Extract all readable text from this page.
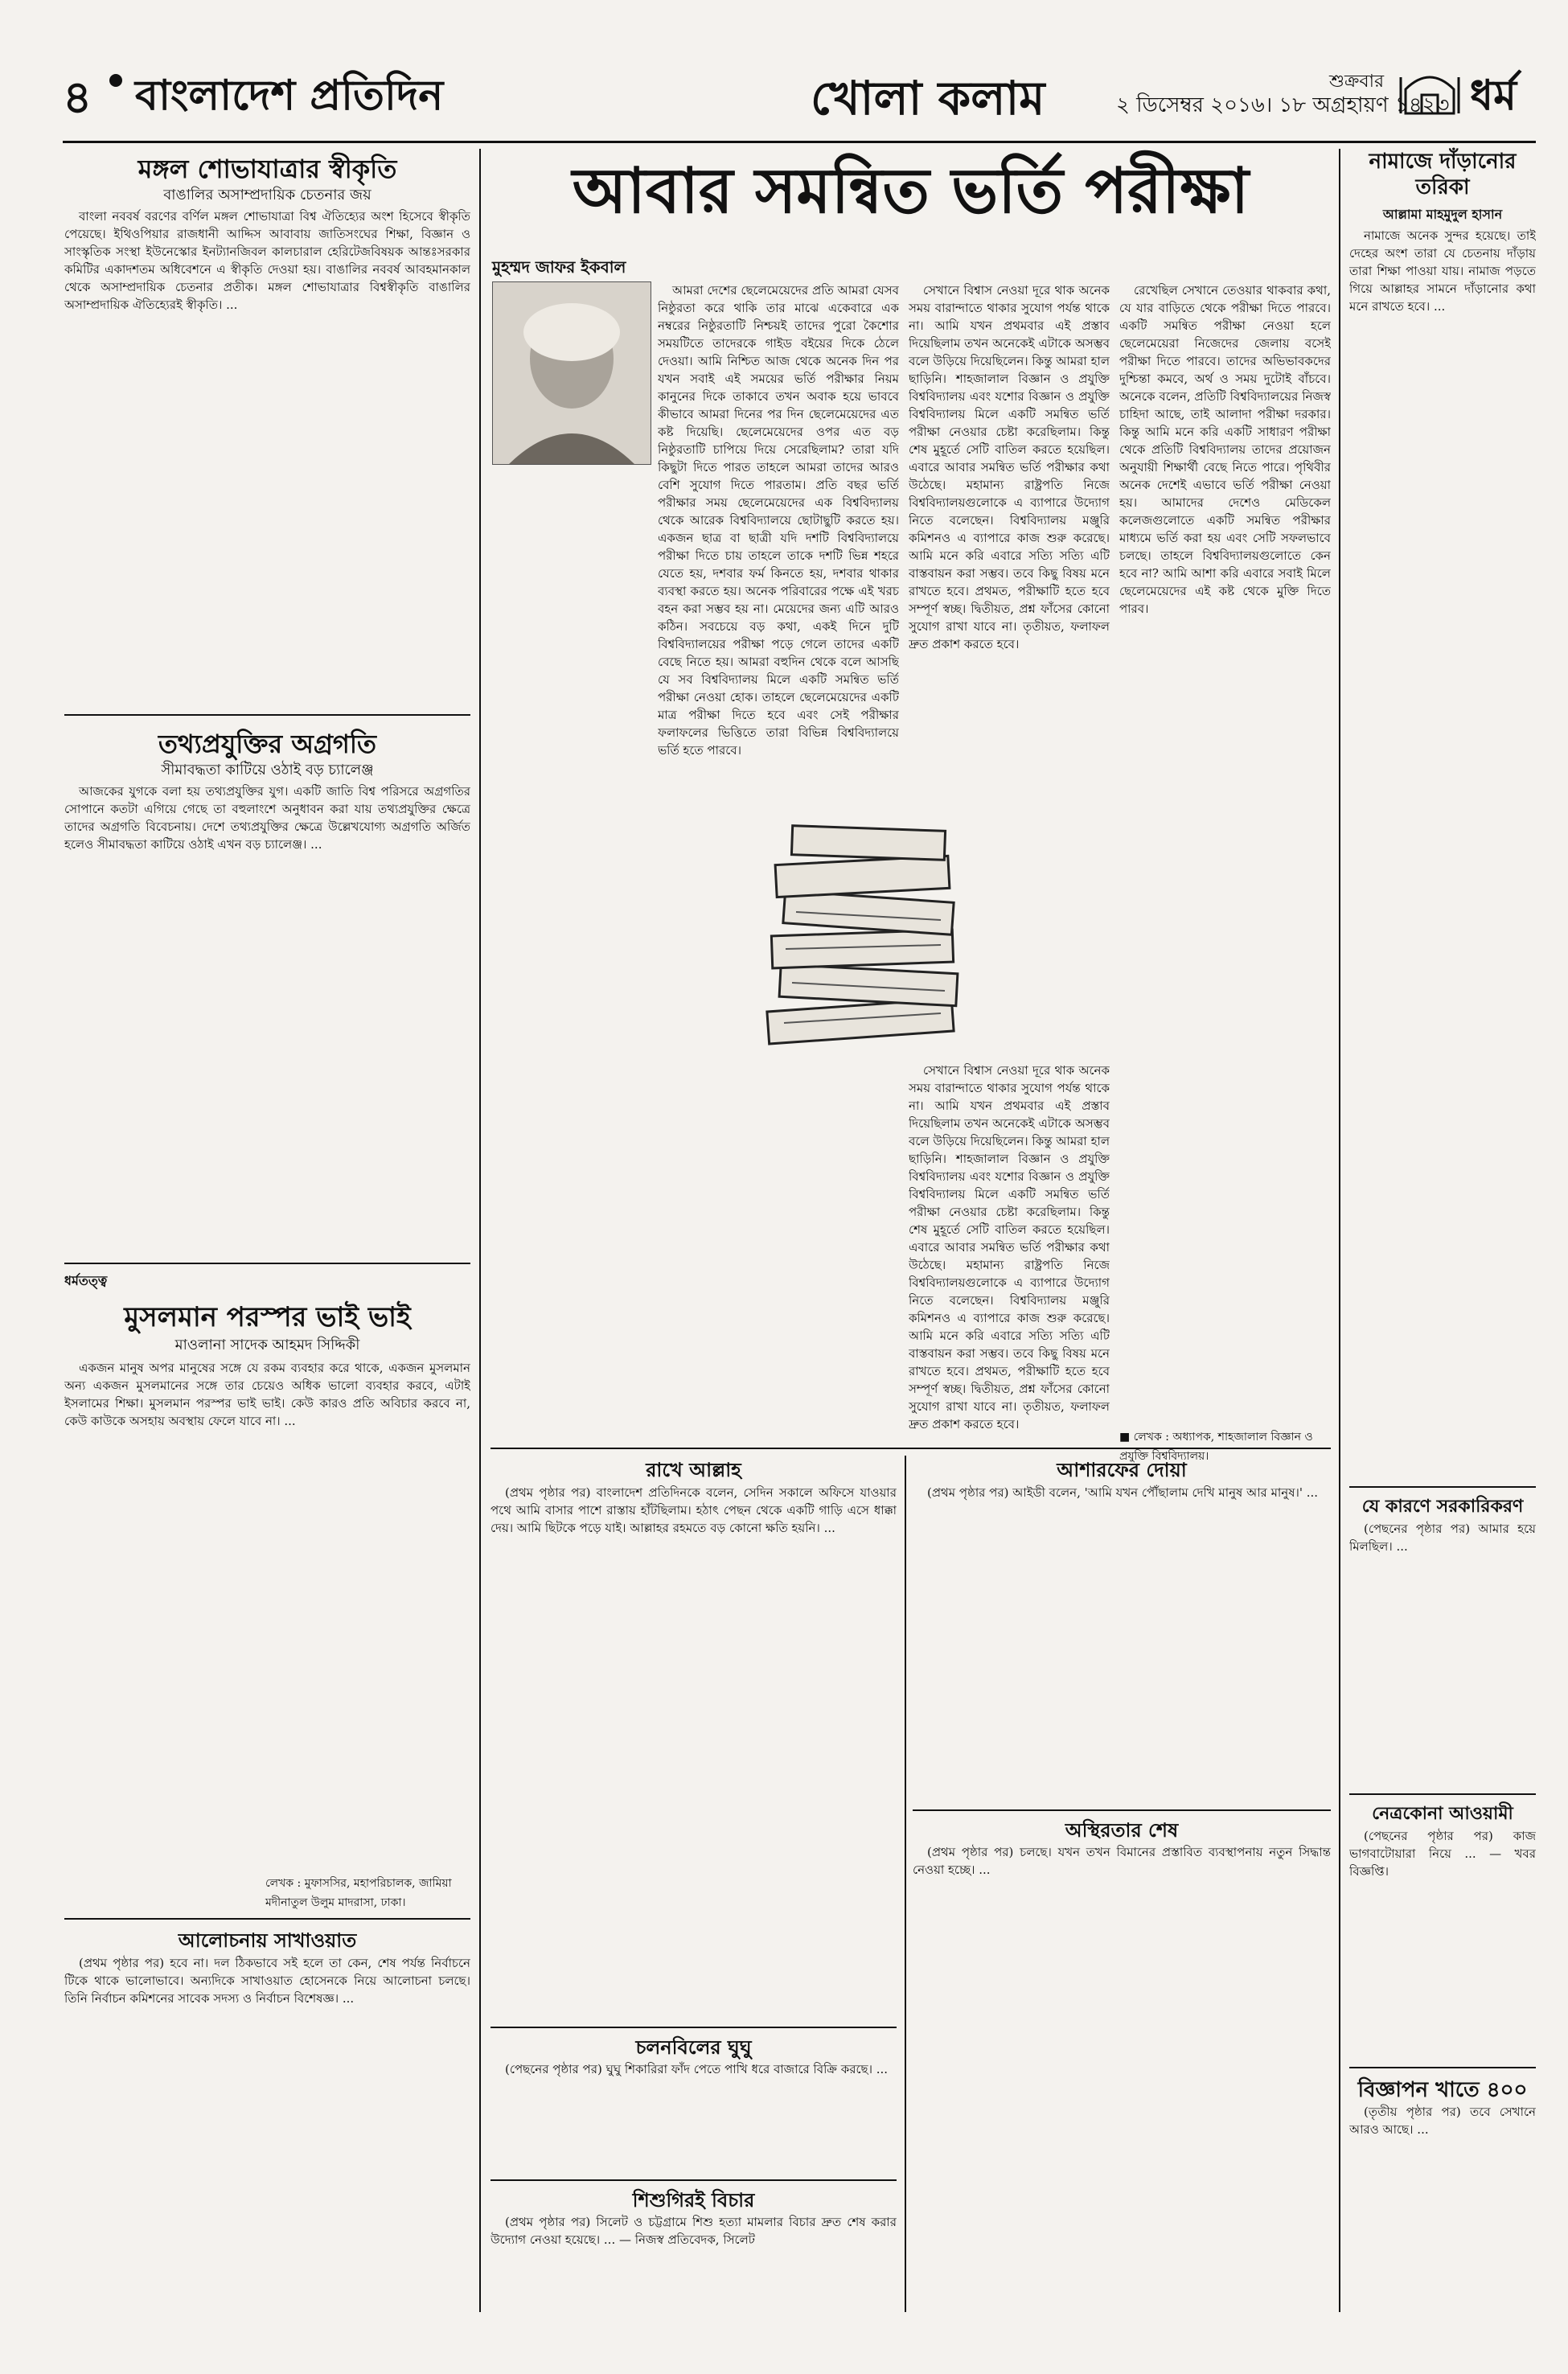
৪ বাংলাদেশ প্রতিদিন	খোলা কলাম	২ ডিসেম্বর ২০১৬। ১৮ অগ্রহায়ণ ১৪২৩
শুক্রবার ধর্ম
মঙ্গল শোভাযাত্রার স্বীকৃতি
বাঙালির অসাম্প্রদায়িক চেতনার জয়

বাংলা নববর্ষ বরণের বর্ণিল মঙ্গল শোভাযাত্রা বিশ্ব ঐতিহ্যের অংশ হিসেবে স্বীকৃতি পেয়েছে। ইথিওপিয়ার রাজধানী আদ্দিস আবাবায় জাতিসংঘের শিক্ষা, বিজ্ঞান ও সাংস্কৃতিক সংস্থা ইউনেস্কোর ইনট্যানজিবল কালচারাল হেরিটেজবিষয়ক আন্তঃসরকার কমিটির একাদশতম অধিবেশনে এ স্বীকৃতি দেওয়া হয়। বাঙালির নববর্ষ আবহমানকাল থেকে অসাম্প্রদায়িক চেতনার প্রতীক। মঙ্গল শোভাযাত্রার বিশ্বস্বীকৃতি বাঙালির অসাম্প্রদায়িক ঐতিহ্যেরই স্বীকৃতি। ...

তথ্যপ্রযুক্তির অগ্রগতি
সীমাবদ্ধতা কাটিয়ে ওঠাই বড় চ্যালেঞ্জ

আজকের যুগকে বলা হয় তথ্যপ্রযুক্তির যুগ। একটি জাতি বিশ্ব পরিসরে অগ্রগতির সোপানে কতটা এগিয়ে গেছে তা বহুলাংশে অনুধাবন করা যায় তথ্যপ্রযুক্তির ক্ষেত্রে তাদের অগ্রগতি বিবেচনায়। দেশে তথ্যপ্রযুক্তির ক্ষেত্রে উল্লেখযোগ্য অগ্রগতি অর্জিত হলেও সীমাবদ্ধতা কাটিয়ে ওঠাই এখন বড় চ্যালেঞ্জ। ...

ধর্মতত্ত্ব
মুসলমান পরস্পর ভাই ভাই
মাওলানা সাদেক আহমদ সিদ্দিকী

একজন মানুষ অপর মানুষের সঙ্গে যে রকম ব্যবহার করে থাকে, একজন মুসলমান অন্য একজন মুসলমানের সঙ্গে তার চেয়েও অধিক ভালো ব্যবহার করবে, এটাই ইসলামের শিক্ষা। মুসলমান পরস্পর ভাই ভাই। কেউ কারও প্রতি অবিচার করবে না, কেউ কাউকে অসহায় অবস্থায় ফেলে যাবে না। ...

লেখক : মুফাসসির, মহাপরিচালক, জামিয়া মদীনাতুল উলুম মাদরাসা, ঢাকা।
আলোচনায় সাখাওয়াত

(প্রথম পৃষ্ঠার পর) হবে না। দল ঠিকভাবে সই হলে তা কেন, শেষ পর্যন্ত নির্বাচনে টিকে থাকে ভালোভাবে। অন্যদিকে সাখাওয়াত হোসেনকে নিয়ে আলোচনা চলছে। তিনি নির্বাচন কমিশনের সাবেক সদস্য ও নির্বাচন বিশেষজ্ঞ। ...

আবার সমন্বিত ভর্তি পরীক্ষা
মুহম্মদ জাফর ইকবাল

আমরা দেশের ছেলেমেয়েদের প্রতি আমরা যেসব নিষ্ঠুরতা করে থাকি তার মাঝে একেবারে এক নম্বরের নিষ্ঠুরতাটি নিশ্চয়ই তাদের পুরো কৈশোর সময়টিতে তাদেরকে গাইড বইয়ের দিকে ঠেলে দেওয়া। আমি নিশ্চিত আজ থেকে অনেক দিন পর যখন সবাই এই সময়ের ভর্তি পরীক্ষার নিয়ম কানুনের দিকে তাকাবে তখন অবাক হয়ে ভাববে কীভাবে আমরা দিনের পর দিন ছেলেমেয়েদের এত কষ্ট দিয়েছি। ছেলেমেয়েদের ওপর এত বড় নিষ্ঠুরতাটি চাপিয়ে দিয়ে সেরেছিলাম? তারা যদি কিছুটা দিতে পারত তাহলে আমরা তাদের আরও বেশি সুযোগ দিতে পারতাম। প্রতি বছর ভর্তি পরীক্ষার সময় ছেলেমেয়েদের এক বিশ্ববিদ্যালয় থেকে আরেক বিশ্ববিদ্যালয়ে ছোটাছুটি করতে হয়। একজন ছাত্র বা ছাত্রী যদি দশটি বিশ্ববিদ্যালয়ে পরীক্ষা দিতে চায় তাহলে তাকে দশটি ভিন্ন শহরে যেতে হয়, দশবার ফর্ম কিনতে হয়, দশবার থাকার ব্যবস্থা করতে হয়। অনেক পরিবারের পক্ষে এই খরচ বহন করা সম্ভব হয় না। মেয়েদের জন্য এটি আরও কঠিন। সবচেয়ে বড় কথা, একই দিনে দুটি বিশ্ববিদ্যালয়ের পরীক্ষা পড়ে গেলে তাদের একটি বেছে নিতে হয়। আমরা বহুদিন থেকে বলে আসছি যে সব বিশ্ববিদ্যালয় মিলে একটি সমন্বিত ভর্তি পরীক্ষা নেওয়া হোক। তাহলে ছেলেমেয়েদের একটি মাত্র পরীক্ষা দিতে হবে এবং সেই পরীক্ষার ফলাফলের ভিত্তিতে তারা বিভিন্ন বিশ্ববিদ্যালয়ে ভর্তি হতে পারবে।

সেখানে বিশ্বাস নেওয়া দূরে থাক অনেক সময় বারান্দাতে থাকার সুযোগ পর্যন্ত থাকে না। আমি যখন প্রথমবার এই প্রস্তাব দিয়েছিলাম তখন অনেকেই এটাকে অসম্ভব বলে উড়িয়ে দিয়েছিলেন। কিন্তু আমরা হাল ছাড়িনি। শাহজালাল বিজ্ঞান ও প্রযুক্তি বিশ্ববিদ্যালয় এবং যশোর বিজ্ঞান ও প্রযুক্তি বিশ্ববিদ্যালয় মিলে একটি সমন্বিত ভর্তি পরীক্ষা নেওয়ার চেষ্টা করেছিলাম। কিন্তু শেষ মুহূর্তে সেটি বাতিল করতে হয়েছিল। এবারে আবার সমন্বিত ভর্তি পরীক্ষার কথা উঠেছে। মহামান্য রাষ্ট্রপতি নিজে বিশ্ববিদ্যালয়গুলোকে এ ব্যাপারে উদ্যোগ নিতে বলেছেন। বিশ্ববিদ্যালয় মঞ্জুরি কমিশনও এ ব্যাপারে কাজ শুরু করেছে। আমি মনে করি এবারে সত্যি সত্যি এটি বাস্তবায়ন করা সম্ভব। তবে কিছু বিষয় মনে রাখতে হবে। প্রথমত, পরীক্ষাটি হতে হবে সম্পূর্ণ স্বচ্ছ। দ্বিতীয়ত, প্রশ্ন ফাঁসের কোনো সুযোগ রাখা যাবে না। তৃতীয়ত, ফলাফল দ্রুত প্রকাশ করতে হবে।

সেখানে বিশ্বাস নেওয়া দূরে থাক অনেক সময় বারান্দাতে থাকার সুযোগ পর্যন্ত থাকে না। আমি যখন প্রথমবার এই প্রস্তাব দিয়েছিলাম তখন অনেকেই এটাকে অসম্ভব বলে উড়িয়ে দিয়েছিলেন। কিন্তু আমরা হাল ছাড়িনি। শাহজালাল বিজ্ঞান ও প্রযুক্তি বিশ্ববিদ্যালয় এবং যশোর বিজ্ঞান ও প্রযুক্তি বিশ্ববিদ্যালয় মিলে একটি সমন্বিত ভর্তি পরীক্ষা নেওয়ার চেষ্টা করেছিলাম। কিন্তু শেষ মুহূর্তে সেটি বাতিল করতে হয়েছিল। এবারে আবার সমন্বিত ভর্তি পরীক্ষার কথা উঠেছে। মহামান্য রাষ্ট্রপতি নিজে বিশ্ববিদ্যালয়গুলোকে এ ব্যাপারে উদ্যোগ নিতে বলেছেন। বিশ্ববিদ্যালয় মঞ্জুরি কমিশনও এ ব্যাপারে কাজ শুরু করেছে। আমি মনে করি এবারে সত্যি সত্যি এটি বাস্তবায়ন করা সম্ভব। তবে কিছু বিষয় মনে রাখতে হবে। প্রথমত, পরীক্ষাটি হতে হবে সম্পূর্ণ স্বচ্ছ। দ্বিতীয়ত, প্রশ্ন ফাঁসের কোনো সুযোগ রাখা যাবে না। তৃতীয়ত, ফলাফল দ্রুত প্রকাশ করতে হবে।

রেখেছিল সেখানে তেওয়ার থাকবার কথা, যে যার বাড়িতে থেকে পরীক্ষা দিতে পারবে। একটি সমন্বিত পরীক্ষা নেওয়া হলে ছেলেমেয়েরা নিজেদের জেলায় বসেই পরীক্ষা দিতে পারবে। তাদের অভিভাবকদের দুশ্চিন্তা কমবে, অর্থ ও সময় দুটোই বাঁচবে। অনেকে বলেন, প্রতিটি বিশ্ববিদ্যালয়ের নিজস্ব চাহিদা আছে, তাই আলাদা পরীক্ষা দরকার। কিন্তু আমি মনে করি একটি সাধারণ পরীক্ষা থেকে প্রতিটি বিশ্ববিদ্যালয় তাদের প্রয়োজন অনুযায়ী শিক্ষার্থী বেছে নিতে পারে। পৃথিবীর অনেক দেশেই এভাবে ভর্তি পরীক্ষা নেওয়া হয়। আমাদের দেশেও মেডিকেল কলেজগুলোতে একটি সমন্বিত পরীক্ষার মাধ্যমে ভর্তি করা হয় এবং সেটি সফলভাবে চলছে। তাহলে বিশ্ববিদ্যালয়গুলোতে কেন হবে না? আমি আশা করি এবারে সবাই মিলে ছেলেমেয়েদের এই কষ্ট থেকে মুক্তি দিতে পারব।

■ লেখক : অধ্যাপক, শাহজালাল বিজ্ঞান ও প্রযুক্তি বিশ্ববিদ্যালয়।
রাখে আল্লাহ

(প্রথম পৃষ্ঠার পর) বাংলাদেশ প্রতিদিনকে বলেন, সেদিন সকালে অফিসে যাওয়ার পথে আমি বাসার পাশে রাস্তায় হাঁটছিলাম। হঠাৎ পেছন থেকে একটি গাড়ি এসে ধাক্কা দেয়। আমি ছিটকে পড়ে যাই। আল্লাহর রহমতে বড় কোনো ক্ষতি হয়নি। ...

চলনবিলের ঘুঘু

(পেছনের পৃষ্ঠার পর) ঘুঘু শিকারিরা ফাঁদ পেতে পাখি ধরে বাজারে বিক্রি করছে। ...

শিশুগিরই বিচার

(প্রথম পৃষ্ঠার পর) সিলেট ও চট্টগ্রামে শিশু হত্যা মামলার বিচার দ্রুত শেষ করার উদ্যোগ নেওয়া হয়েছে। ... — নিজস্ব প্রতিবেদক, সিলেট

আশারফের দোয়া

(প্রথম পৃষ্ঠার পর) আইডী বলেন, 'আমি যখন পৌঁছালাম দেখি মানুষ আর মানুষ।' ...

অস্থিরতার শেষ

(প্রথম পৃষ্ঠার পর) চলছে। যখন তখন বিমানের প্রস্তাবিত ব্যবস্থাপনায় নতুন সিদ্ধান্ত নেওয়া হচ্ছে। ...

নামাজে দাঁড়ানোর তরিকা
আল্লামা মাহমুদুল হাসান

নামাজে অনেক সুন্দর হয়েছে। তাই দেহের অংশ তারা যে চেতনায় দাঁড়ায় তারা শিক্ষা পাওয়া যায়। নামাজ পড়তে গিয়ে আল্লাহর সামনে দাঁড়ানোর কথা মনে রাখতে হবে। ...

যে কারণে সরকারিকরণ

(পেছনের পৃষ্ঠার পর) আমার হয়ে মিলছিল। ...

নেত্রকোনা আওয়ামী

(পেছনের পৃষ্ঠার পর) কাজ ভাগবাটোয়ারা নিয়ে ... — খবর বিজ্ঞপ্তি।

বিজ্ঞাপন খাতে ৪০০

(তৃতীয় পৃষ্ঠার পর) তবে সেখানে আরও আছে। ...
